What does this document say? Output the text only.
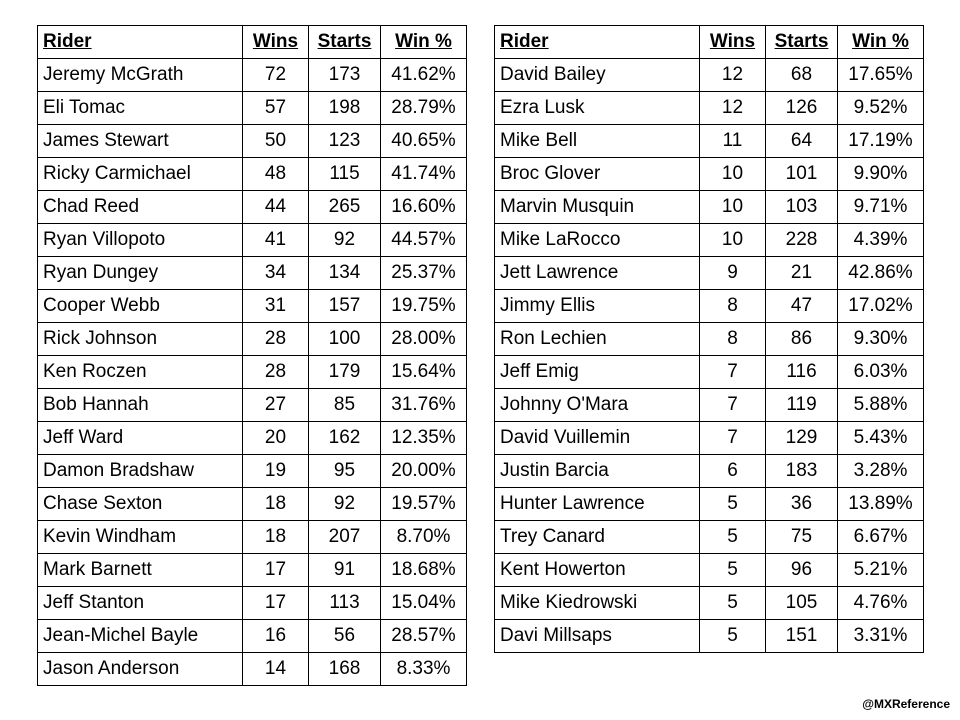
Rider	Wins	Starts	Win %
Jeremy McGrath	72	173	41.62%
Eli Tomac	57	198	28.79%
James Stewart	50	123	40.65%
Ricky Carmichael	48	115	41.74%
Chad Reed	44	265	16.60%
Ryan Villopoto	41	92	44.57%
Ryan Dungey	34	134	25.37%
Cooper Webb	31	157	19.75%
Rick Johnson	28	100	28.00%
Ken Roczen	28	179	15.64%
Bob Hannah	27	85	31.76%
Jeff Ward	20	162	12.35%
Damon Bradshaw	19	95	20.00%
Chase Sexton	18	92	19.57%
Kevin Windham	18	207	8.70%
Mark Barnett	17	91	18.68%
Jeff Stanton	17	113	15.04%
Jean-Michel Bayle	16	56	28.57%
Jason Anderson	14	168	8.33%
Rider	Wins	Starts	Win %
David Bailey	12	68	17.65%
Ezra Lusk	12	126	9.52%
Mike Bell	11	64	17.19%
Broc Glover	10	101	9.90%
Marvin Musquin	10	103	9.71%
Mike LaRocco	10	228	4.39%
Jett Lawrence	9	21	42.86%
Jimmy Ellis	8	47	17.02%
Ron Lechien	8	86	9.30%
Jeff Emig	7	116	6.03%
Johnny O'Mara	7	119	5.88%
David Vuillemin	7	129	5.43%
Justin Barcia	6	183	3.28%
Hunter Lawrence	5	36	13.89%
Trey Canard	5	75	6.67%
Kent Howerton	5	96	5.21%
Mike Kiedrowski	5	105	4.76%
Davi Millsaps	5	151	3.31%
@MXReference
